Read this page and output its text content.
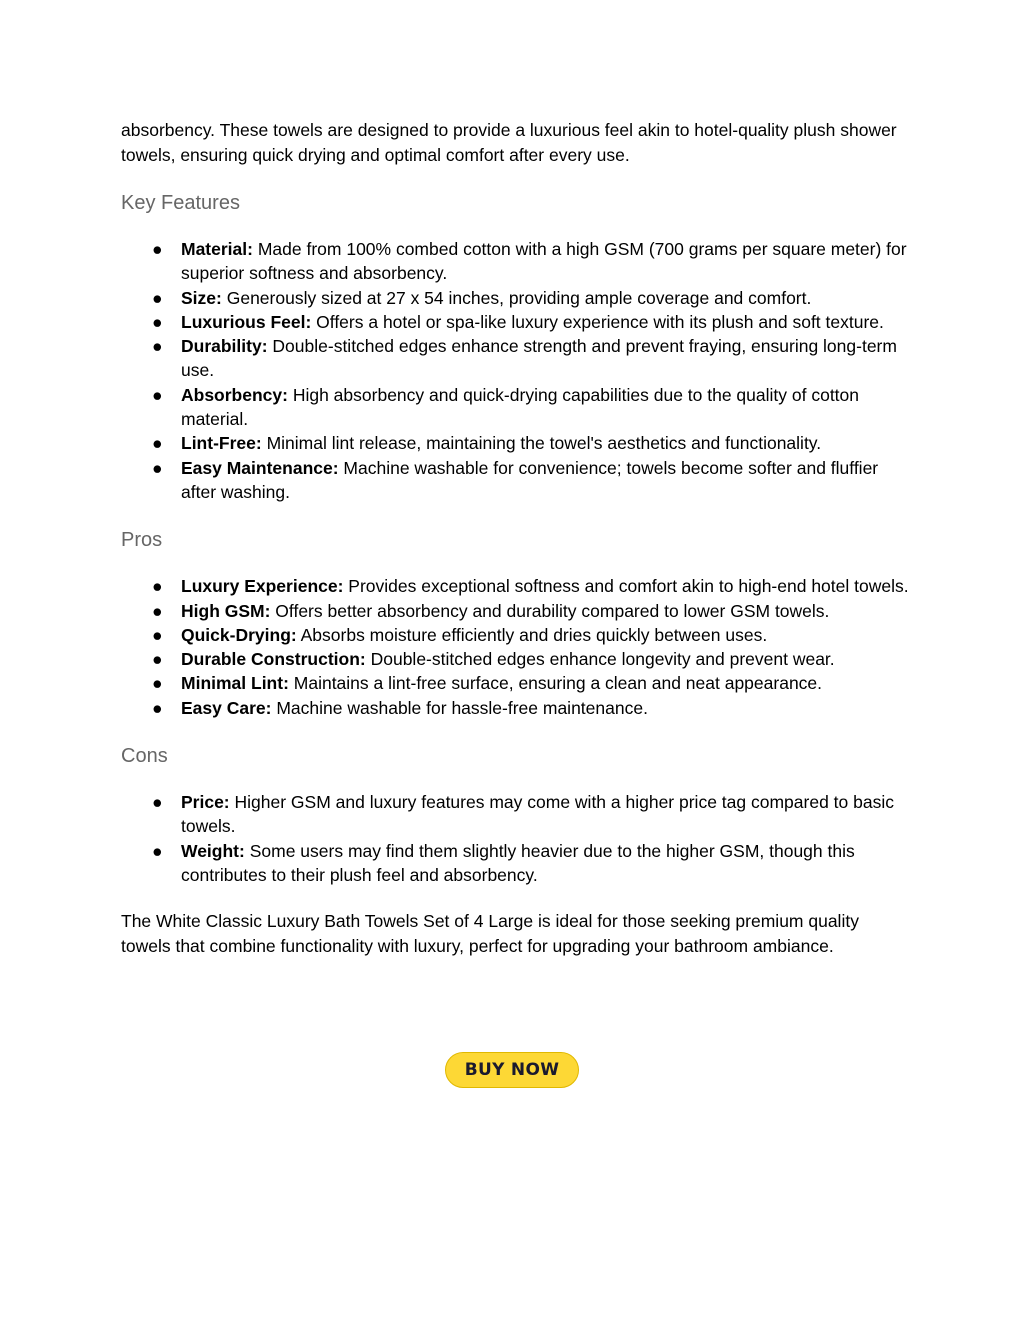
absorbency. These towels are designed to provide a luxurious feel akin to hotel-quality plush shower towels, ensuring quick drying and optimal comfort after every use.

Key Features
● Material: Made from 100% combed cotton with a high GSM (700 grams per square meter) for superior softness and absorbency.
● Size: Generously sized at 27 x 54 inches, providing ample coverage and comfort.
● Luxurious Feel: Offers a hotel or spa-like luxury experience with its plush and soft texture.
● Durability: Double-stitched edges enhance strength and prevent fraying, ensuring long-term use.
● Absorbency: High absorbency and quick-drying capabilities due to the quality of cotton material.
● Lint-Free: Minimal lint release, maintaining the towel's aesthetics and functionality.
● Easy Maintenance: Machine washable for convenience; towels become softer and fluffier after washing.
Pros
● Luxury Experience: Provides exceptional softness and comfort akin to high-end hotel towels.
● High GSM: Offers better absorbency and durability compared to lower GSM towels.
● Quick-Drying: Absorbs moisture efficiently and dries quickly between uses.
● Durable Construction: Double-stitched edges enhance longevity and prevent wear.
● Minimal Lint: Maintains a lint-free surface, ensuring a clean and neat appearance.
● Easy Care: Machine washable for hassle-free maintenance.
Cons
● Price: Higher GSM and luxury features may come with a higher price tag compared to basic towels.
● Weight: Some users may find them slightly heavier due to the higher GSM, though this contributes to their plush feel and absorbency.

The White Classic Luxury Bath Towels Set of 4 Large is ideal for those seeking premium quality towels that combine functionality with luxury, perfect for upgrading your bathroom ambiance.

BUY NOW
